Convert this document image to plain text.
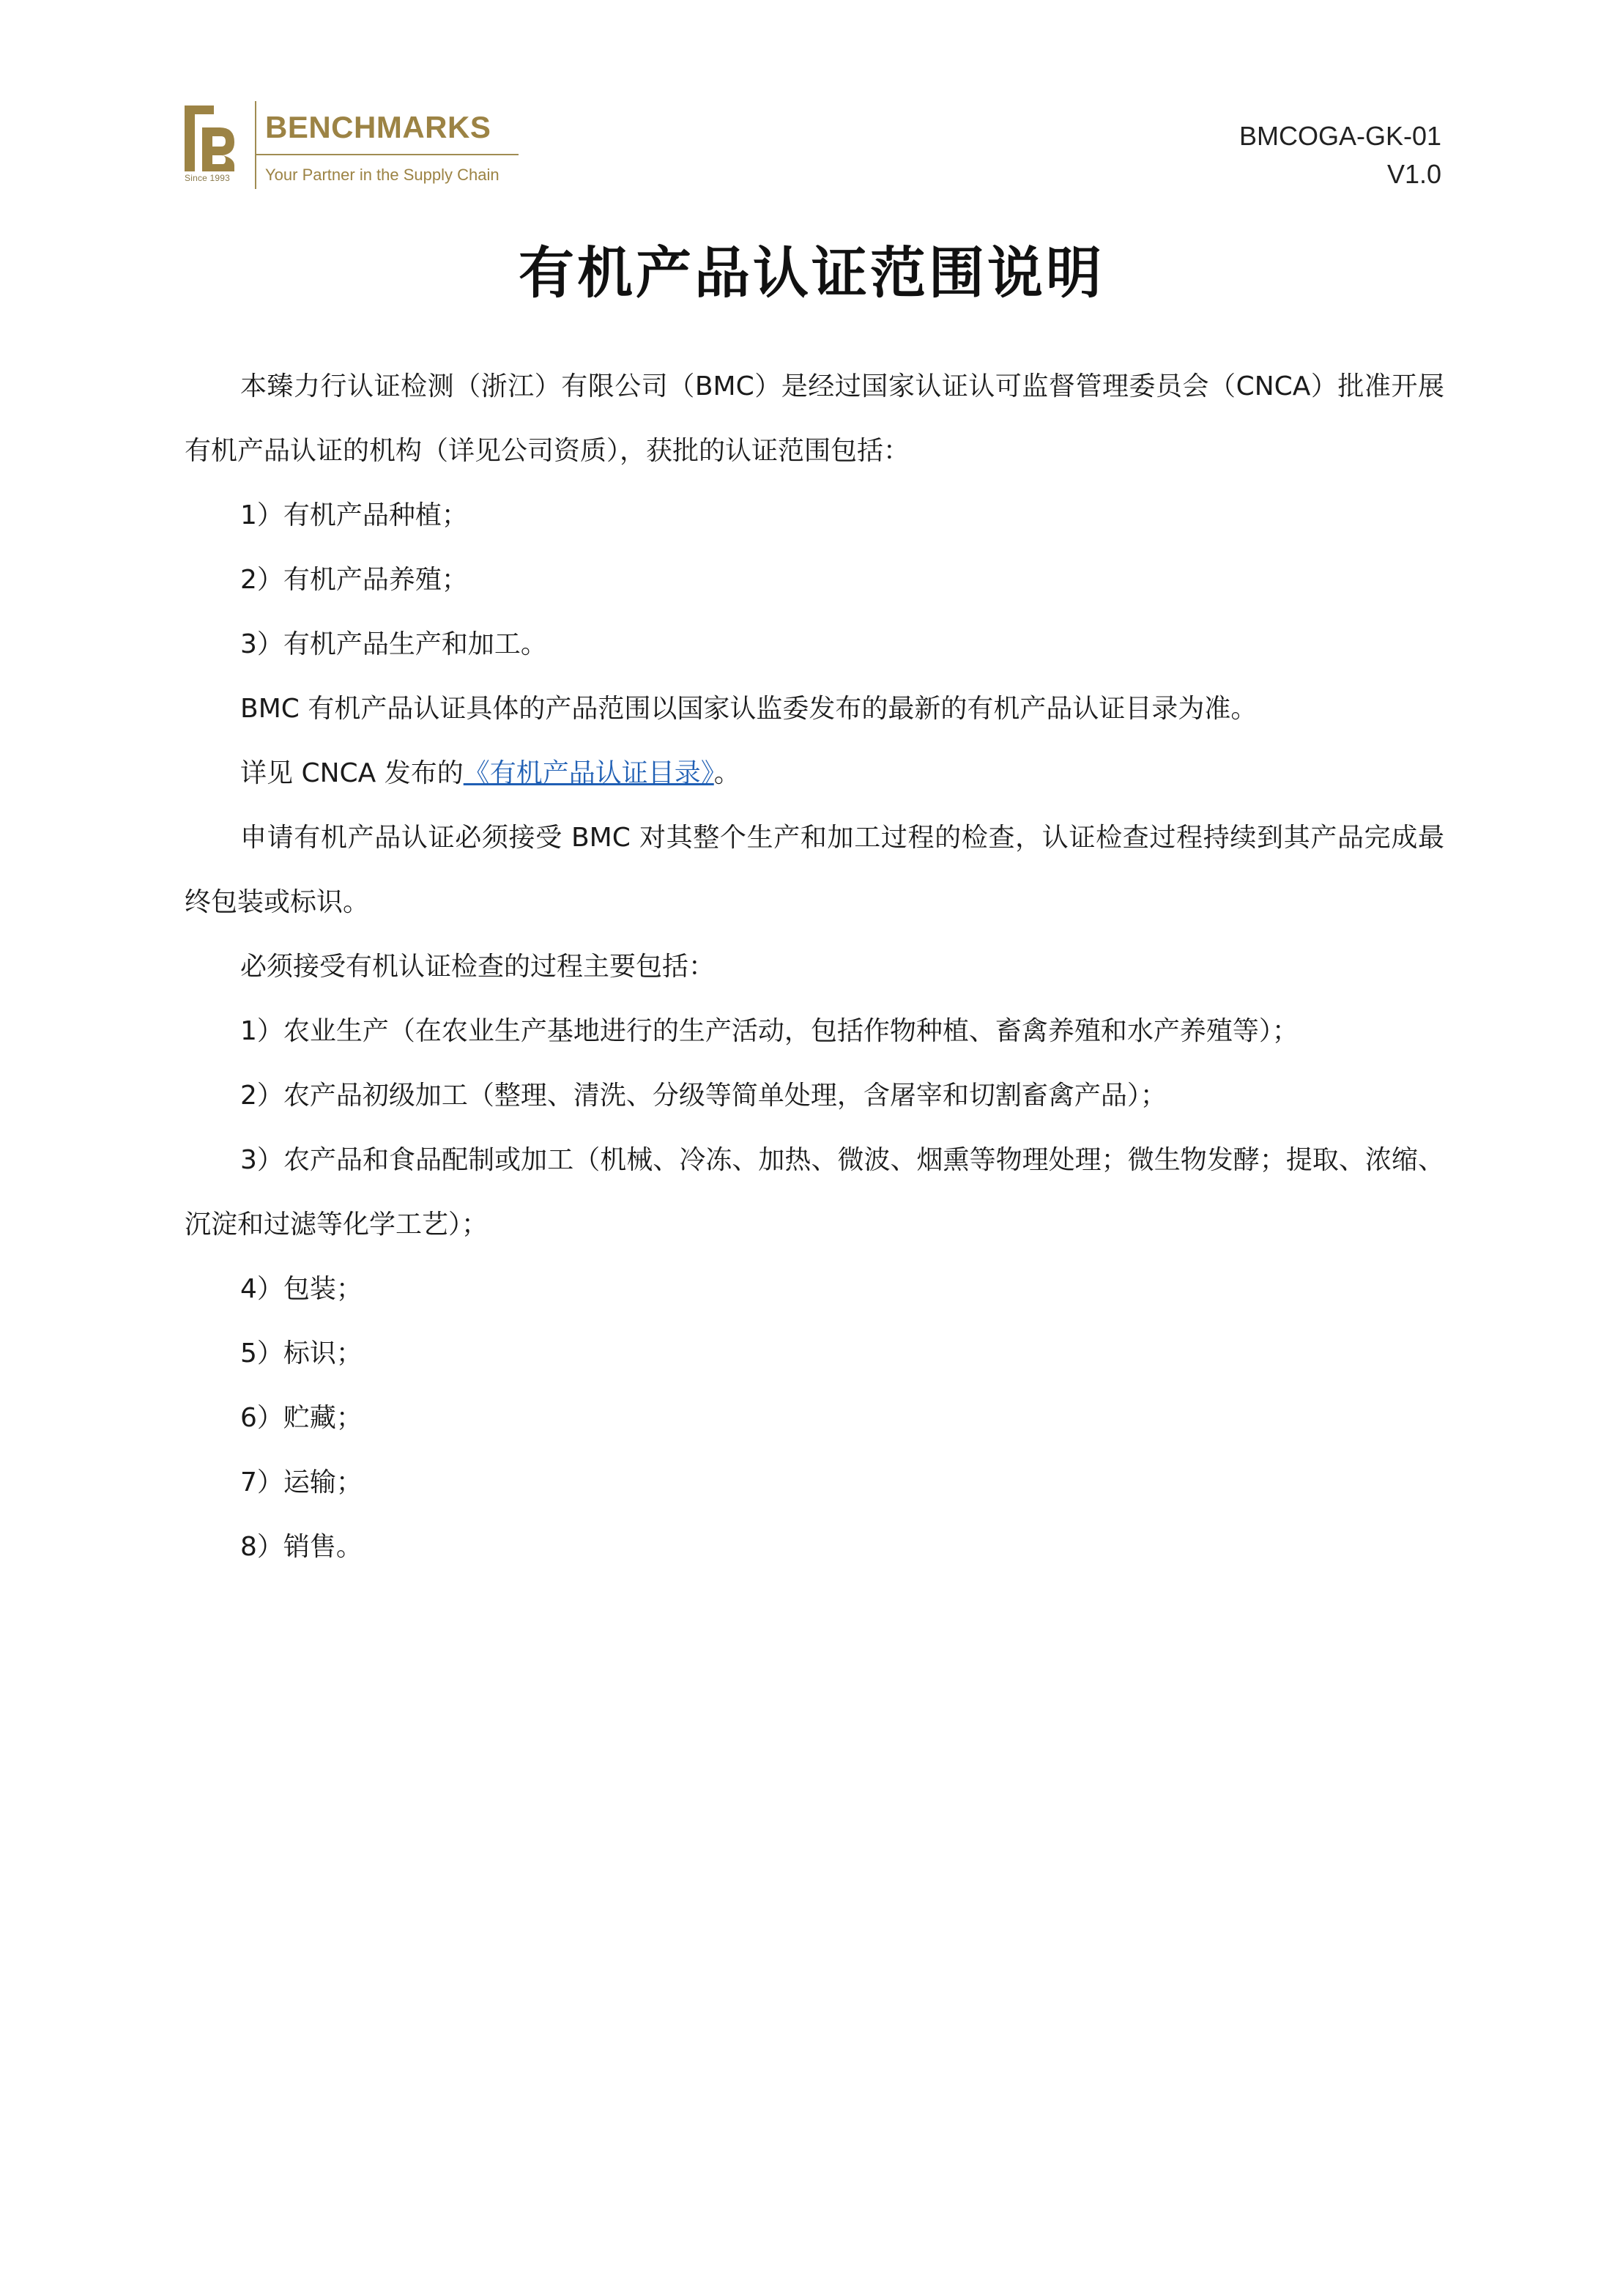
Since 1993
BENCHMARKS
Your Partner in the Supply Chain
BMCOGA-GK-01
V1.0
有机产品认证范围说明

本臻力行认证检测（浙江）有限公司（BMC）是经过国家认证认可监督管理委员会（CNCA）批准开展有机产品认证的机构（详见公司资质），获批的认证范围包括：

1）有机产品种植；

2）有机产品养殖；

3）有机产品生产和加工。

BMC 有机产品认证具体的产品范围以国家认监委发布的最新的有机产品认证目录为准。

详见 CNCA 发布的《有机产品认证目录》。

申请有机产品认证必须接受 BMC 对其整个生产和加工过程的检查，认证检查过程持续到其产品完成最终包装或标识。

必须接受有机认证检查的过程主要包括：

1）农业生产（在农业生产基地进行的生产活动，包括作物种植、畜禽养殖和水产养殖等）；

2）农产品初级加工（整理、清洗、分级等简单处理，含屠宰和切割畜禽产品）；

3）农产品和食品配制或加工（机械、冷冻、加热、微波、烟熏等物理处理；微生物发酵；提取、浓缩、沉淀和过滤等化学工艺）；

4）包装；

5）标识；

6）贮藏；

7）运输；

8）销售。
